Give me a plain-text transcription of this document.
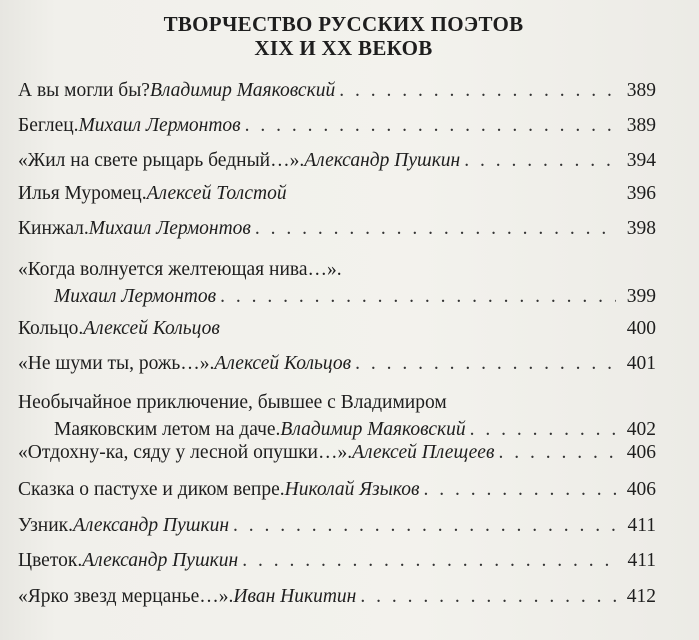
ТВОРЧЕСТВО РУССКИХ ПОЭТОВ
XIX И XX ВЕКОВ
А вы могли бы? Владимир Маяковский . . .	389
Беглец. Михаил Лермонтов . . .	389
«Жил на свете рыцарь бедный…». Александр Пушкин . . .	394
Илья Муромец. Алексей Толстой	396
Кинжал. Михаил Лермонтов . . .	398
«Когда волнуется желтеющая нива…».
Михаил Лермонтов . . .	399
Кольцо. Алексей Кольцов	400
«Не шуми ты, рожь…». Алексей Кольцов . . .	401
Необычайное приключение, бывшее с Владимиром
Маяковским летом на даче. Владимир Маяковский . . .	402
«Отдохну-ка, сяду у лесной опушки…». Алексей Плещеев . . .	406
Сказка о пастухе и диком вепре. Николай Языков . . .	406
Узник. Александр Пушкин . . .	411
Цветок. Александр Пушкин . . .	411
«Ярко звезд мерцанье…». Иван Никитин . . .	412
